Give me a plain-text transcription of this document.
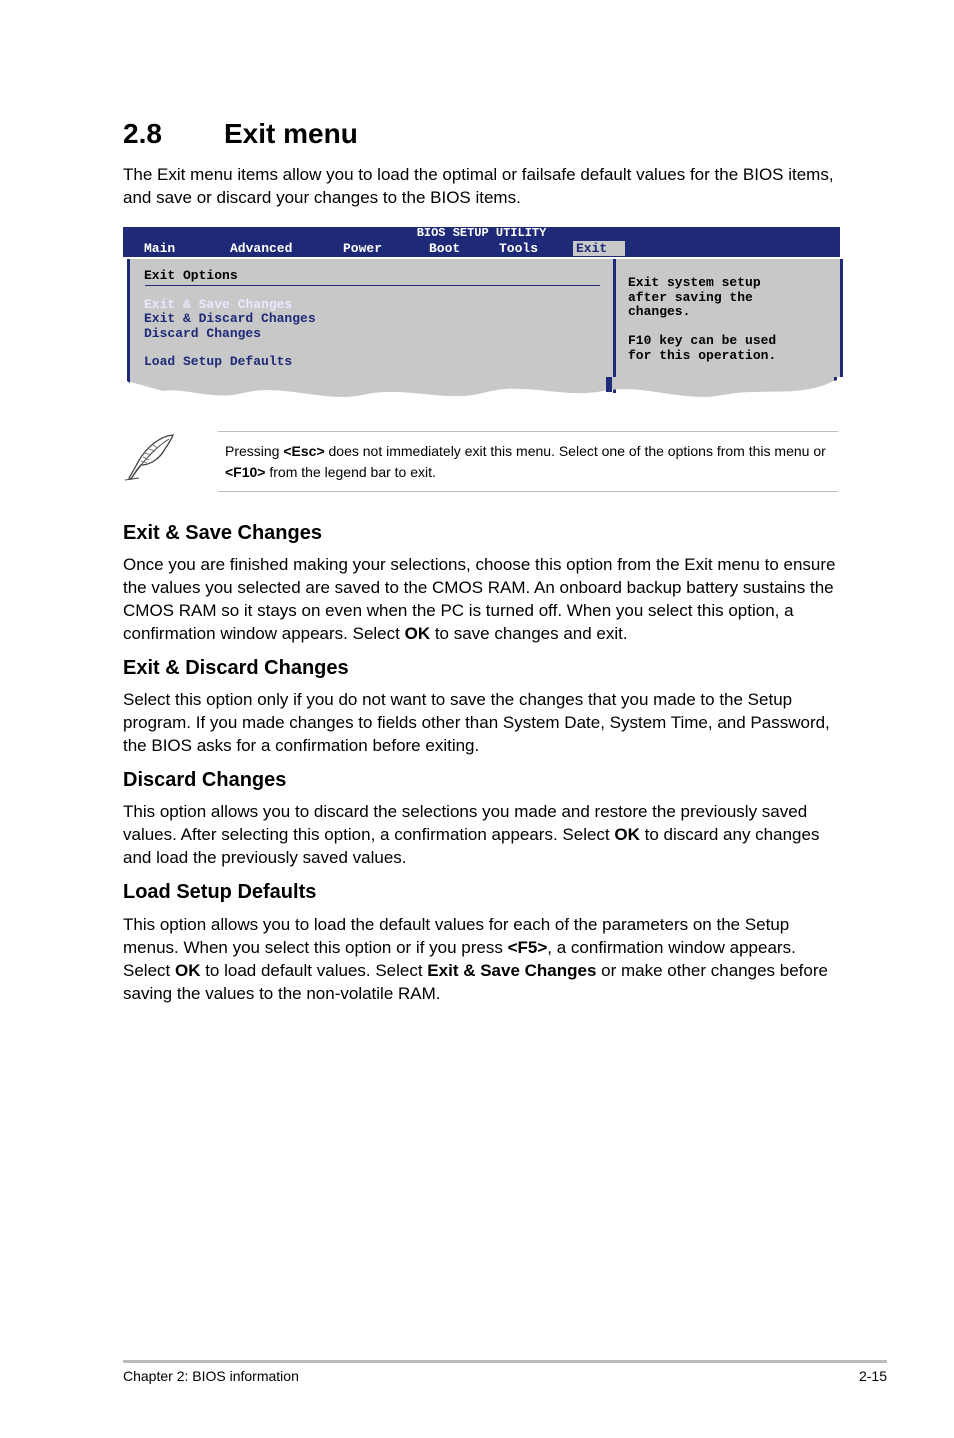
2.8 Exit menu
The Exit menu items allow you to load the optimal or failsafe default values for the BIOS items, and save or discard your changes to the BIOS items.
BIOS SETUP UTILITY
Main	Advanced	Power	Boot	Tools	Exit
Exit Options
Exit & Save Changes
Exit & Discard Changes
Discard Changes
Load Setup Defaults
Exit system setup
after saving the
changes.

F10 key can be used
for this operation.
Pressing <Esc> does not immediately exit this menu. Select one of the options from this menu or <F10> from the legend bar to exit.
Exit & Save Changes
Once you are finished making your selections, choose this option from the Exit menu to ensure the values you selected are saved to the CMOS RAM. An onboard backup battery sustains the CMOS RAM so it stays on even when the PC is turned off. When you select this option, a confirmation window appears. Select OK to save changes and exit.
Exit & Discard Changes
Select this option only if you do not want to save the changes that you made to the Setup program. If you made changes to fields other than System Date, System Time, and Password, the BIOS asks for a confirmation before exiting.
Discard Changes
This option allows you to discard the selections you made and restore the previously saved values. After selecting this option, a confirmation appears. Select OK to discard any changes and load the previously saved values.
Load Setup Defaults
This option allows you to load the default values for each of the parameters on the Setup menus. When you select this option or if you press <F5>, a confirmation window appears. Select OK to load default values. Select Exit & Save Changes or make other changes before saving the values to the non-volatile RAM.
Chapter 2: BIOS information	2-15
